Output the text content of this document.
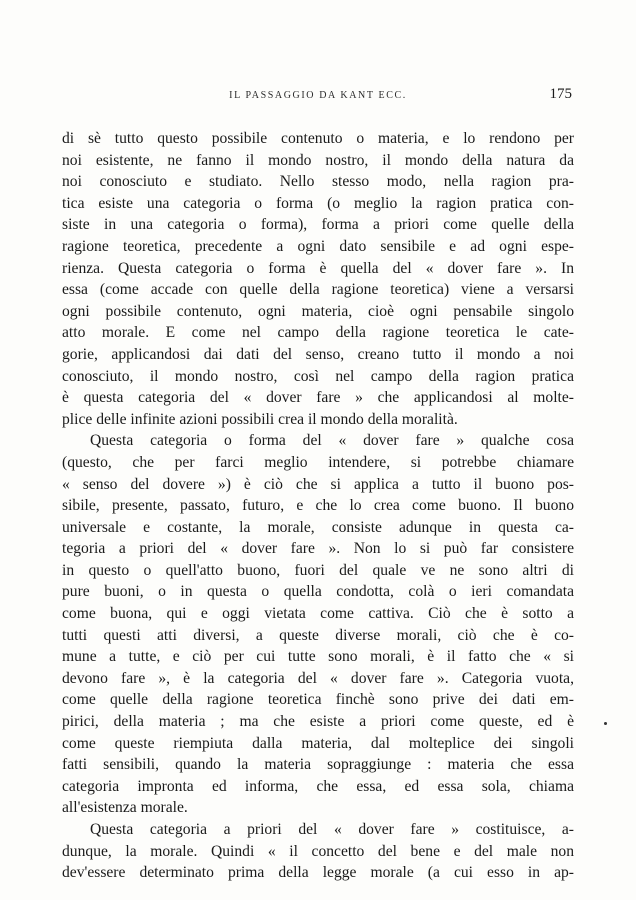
IL PASSAGGIO DA KANT ECC.	175
di sè tutto questo possibile contenuto o materia, e lo rendono per
noi esistente, ne fanno il mondo nostro, il mondo della natura da
noi conosciuto e studiato. Nello stesso modo, nella ragion pra-
tica esiste una categoria o forma (o meglio la ragion pratica con-
siste in una categoria o forma), forma a priori come quelle della
ragione teoretica, precedente a ogni dato sensibile e ad ogni espe-
rienza. Questa categoria o forma è quella del « dover fare ». In
essa (come accade con quelle della ragione teoretica) viene a versarsi
ogni possibile contenuto, ogni materia, cioè ogni pensabile singolo
atto morale. E come nel campo della ragione teoretica le cate-
gorie, applicandosi dai dati del senso, creano tutto il mondo a noi
conosciuto, il mondo nostro, così nel campo della ragion pratica
è questa categoria del « dover fare » che applicandosi al molte-
plice delle infinite azioni possibili crea il mondo della moralità.
Questa categoria o forma del « dover fare » qualche cosa
(questo, che per farci meglio intendere, si potrebbe chiamare
« senso del dovere ») è ciò che si applica a tutto il buono pos-
sibile, presente, passato, futuro, e che lo crea come buono. Il buono
universale e costante, la morale, consiste adunque in questa ca-
tegoria a priori del « dover fare ». Non lo si può far consistere
in questo o quell'atto buono, fuori del quale ve ne sono altri di
pure buoni, o in questa o quella condotta, colà o ieri comandata
come buona, qui e oggi vietata come cattiva. Ciò che è sotto a
tutti questi atti diversi, a queste diverse morali, ciò che è co-
mune a tutte, e ciò per cui tutte sono morali, è il fatto che « si
devono fare », è la categoria del « dover fare ». Categoria vuota,
come quelle della ragione teoretica finchè sono prive dei dati em-
pirici, della materia ; ma che esiste a priori come queste, ed è
come queste riempiuta dalla materia, dal molteplice dei singoli
fatti sensibili, quando la materia sopraggiunge : materia che essa
categoria impronta ed informa, che essa, ed essa sola, chiama
all'esistenza morale.
Questa categoria a priori del « dover fare » costituisce, a-
dunque, la morale. Quindi « il concetto del bene e del male non
dev'essere determinato prima della legge morale (a cui esso in ap-
